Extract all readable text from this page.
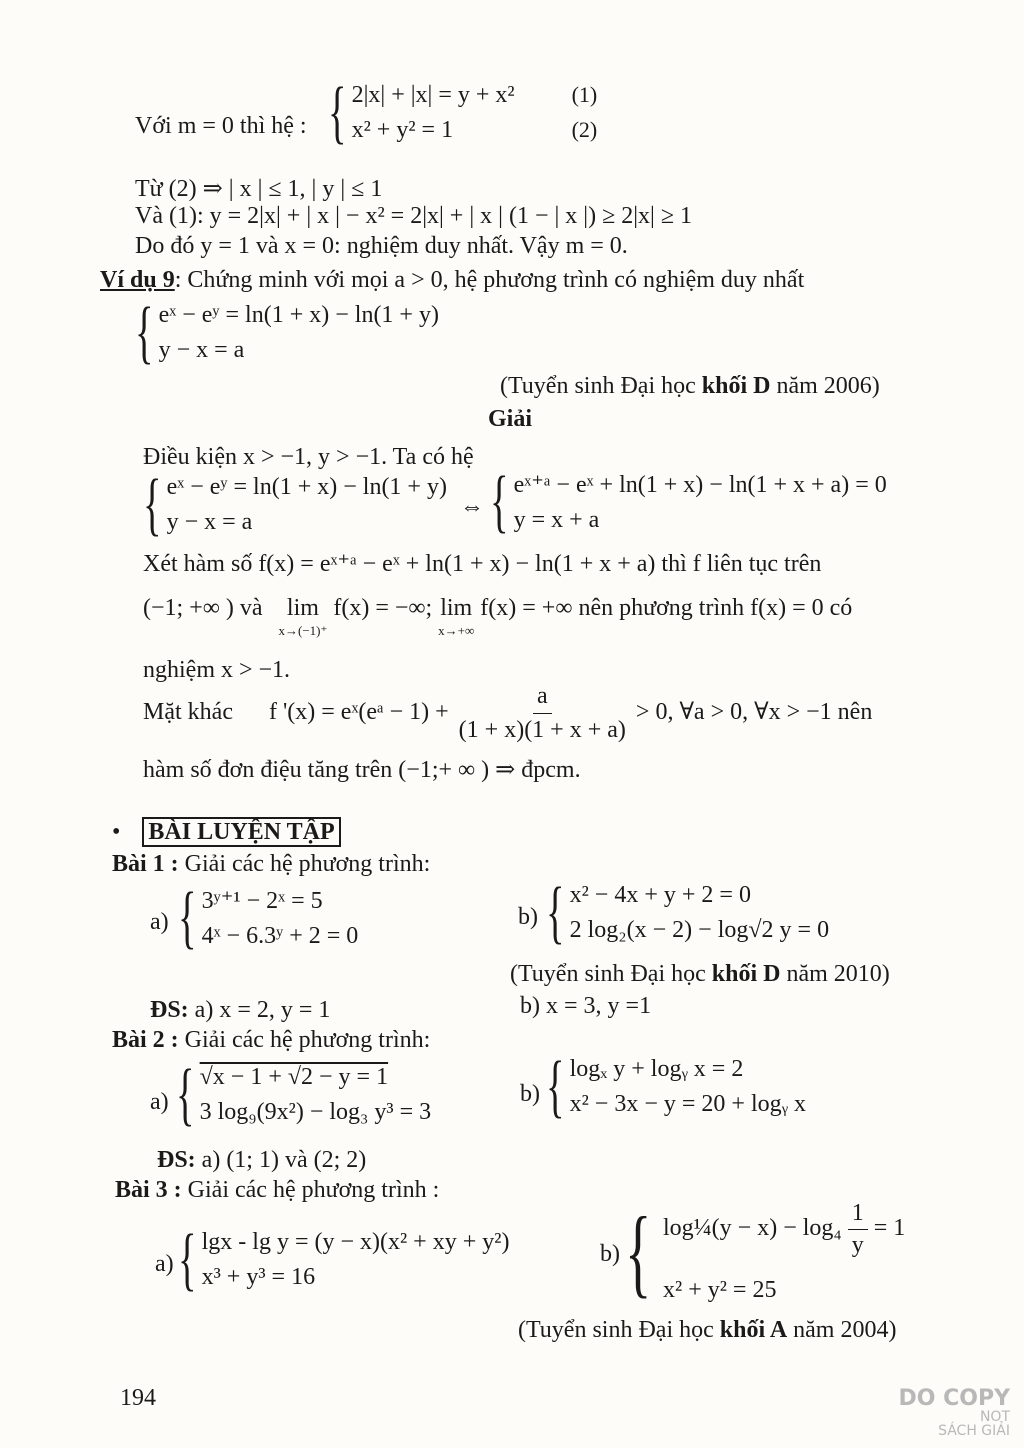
Với m = 0 thì hệ : { 2|x| + |x| = y + x²	(1)
x² + y² = 1	(2)
Từ (2) ⇒ | x | ≤ 1, | y | ≤ 1
Và (1): y = 2|x| + | x | − x² = 2|x| + | x | (1 − | x |) ≥ 2|x| ≥ 1
Do đó y = 1 và x = 0: nghiệm duy nhất. Vậy m = 0.
Ví dụ 9: Chứng minh với mọi a > 0, hệ phương trình có nghiệm duy nhất
{ eˣ − eʸ = ln(1 + x) − ln(1 + y)
y − x = a
(Tuyển sinh Đại học khối D năm 2006)
Giải
Điều kiện x > −1, y > −1. Ta có hệ
{ eˣ − eʸ = ln(1 + x) − ln(1 + y)
y − x = a
⇔ { eˣ⁺ᵃ − eˣ + ln(1 + x) − ln(1 + x + a) = 0
y = x + a
Xét hàm số f(x) = eˣ⁺ᵃ − eˣ + ln(1 + x) − ln(1 + x + a) thì f liên tục trên
(−1; +∞ ) và lim
x→(−1)⁺
f(x) = −∞; lim
x→+∞
f(x) = +∞ nên phương trình f(x) = 0 có
nghiệm x > −1.
Mặt khác f '(x) = eˣ(eᵃ − $1) + \frac{a}{(1 + x)(1 + x + a)} > 0$, ∀a > 0, ∀x > −1 nên
hàm số đơn điệu tăng trên (−1;+ ∞ ) ⇒ đpcm.
• BÀI LUYỆN TẬP
Bài 1 : Giải các hệ phương trình:
a) { 3ʸ⁺¹ − 2ˣ = 5
4ˣ − 6.3ʸ + 2 = 0
b) { x² − 4x + y + 2 = 0
2 log₂(x − 2) − log√2 y = 0
(Tuyển sinh Đại học khối D năm 2010)
ĐS: a) x = 2, y = 1	b) x = 3, y =1
Bài 2 : Giải các hệ phương trình:
a) { √x − 1 + √2 − y = 1
3 log₉(9x²) − log₃ y³ = 3
b) { logₓ y + logᵧ x = 2
x² − 3x − y = 20 + logᵧ x
ĐS: a) (1; 1) và (2; 2)
Bài 3 : Giải các hệ phương trình :
a) { lgx - lg y = (y − x)(x² + xy + y²)
x³ + y³ = 16
b) { log¼(y − $x) - \log_4 \frac{1}{y} = 1$
x² + y² = 25
(Tuyển sinh Đại học khối A năm 2004)
194	DO COPY
NOT
SÁCH GIẢI
